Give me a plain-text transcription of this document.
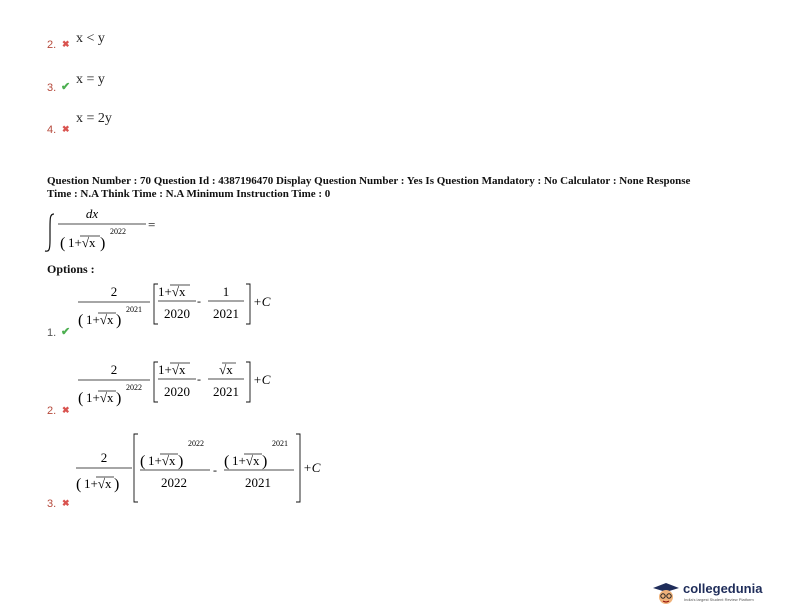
2. ✖ x < y
3. ✔ x = y
4. ✖
x = 2y
Question Number : 70 Question Id : 4387196470 Display Question Number : Yes Is Question Mandatory : No Calculator : None Response
Time : N.A Think Time : N.A Minimum Instruction Time : 0
dx
( 1+√x )
2022 =
Options :
2
( 1+√x )
2021
1+√x
2020
-
1
2021
+C
1. ✔
2
( 1+√x )
2022
1+√x
2020
-
√x
2021
+C
2. ✖
2
( 1+√x )
( 1+√x )
2022
2022
- ( 1+√x )
2021
2021
+C
3. ✖
collegedunia
India's largest Student Review Platform
